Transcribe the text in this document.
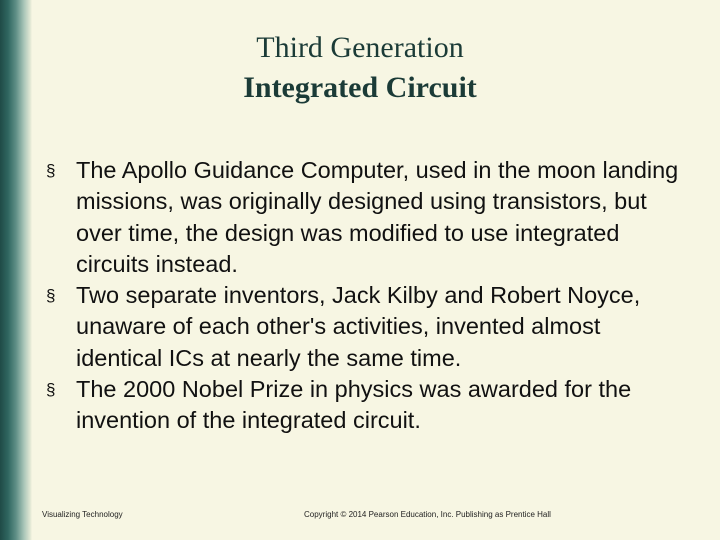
Third Generation
Integrated Circuit
§ The Apollo Guidance Computer, used in the moon landing missions, was originally designed using transistors, but over time, the design was modified to use integrated circuits instead.
§ Two separate inventors, Jack Kilby and Robert Noyce, unaware of each other's activities, invented almost identical ICs at nearly the same time.
§ The 2000 Nobel Prize in physics was awarded for the invention of the integrated circuit.
Visualizing Technology	Copyright © 2014 Pearson Education, Inc. Publishing as Prentice Hall
